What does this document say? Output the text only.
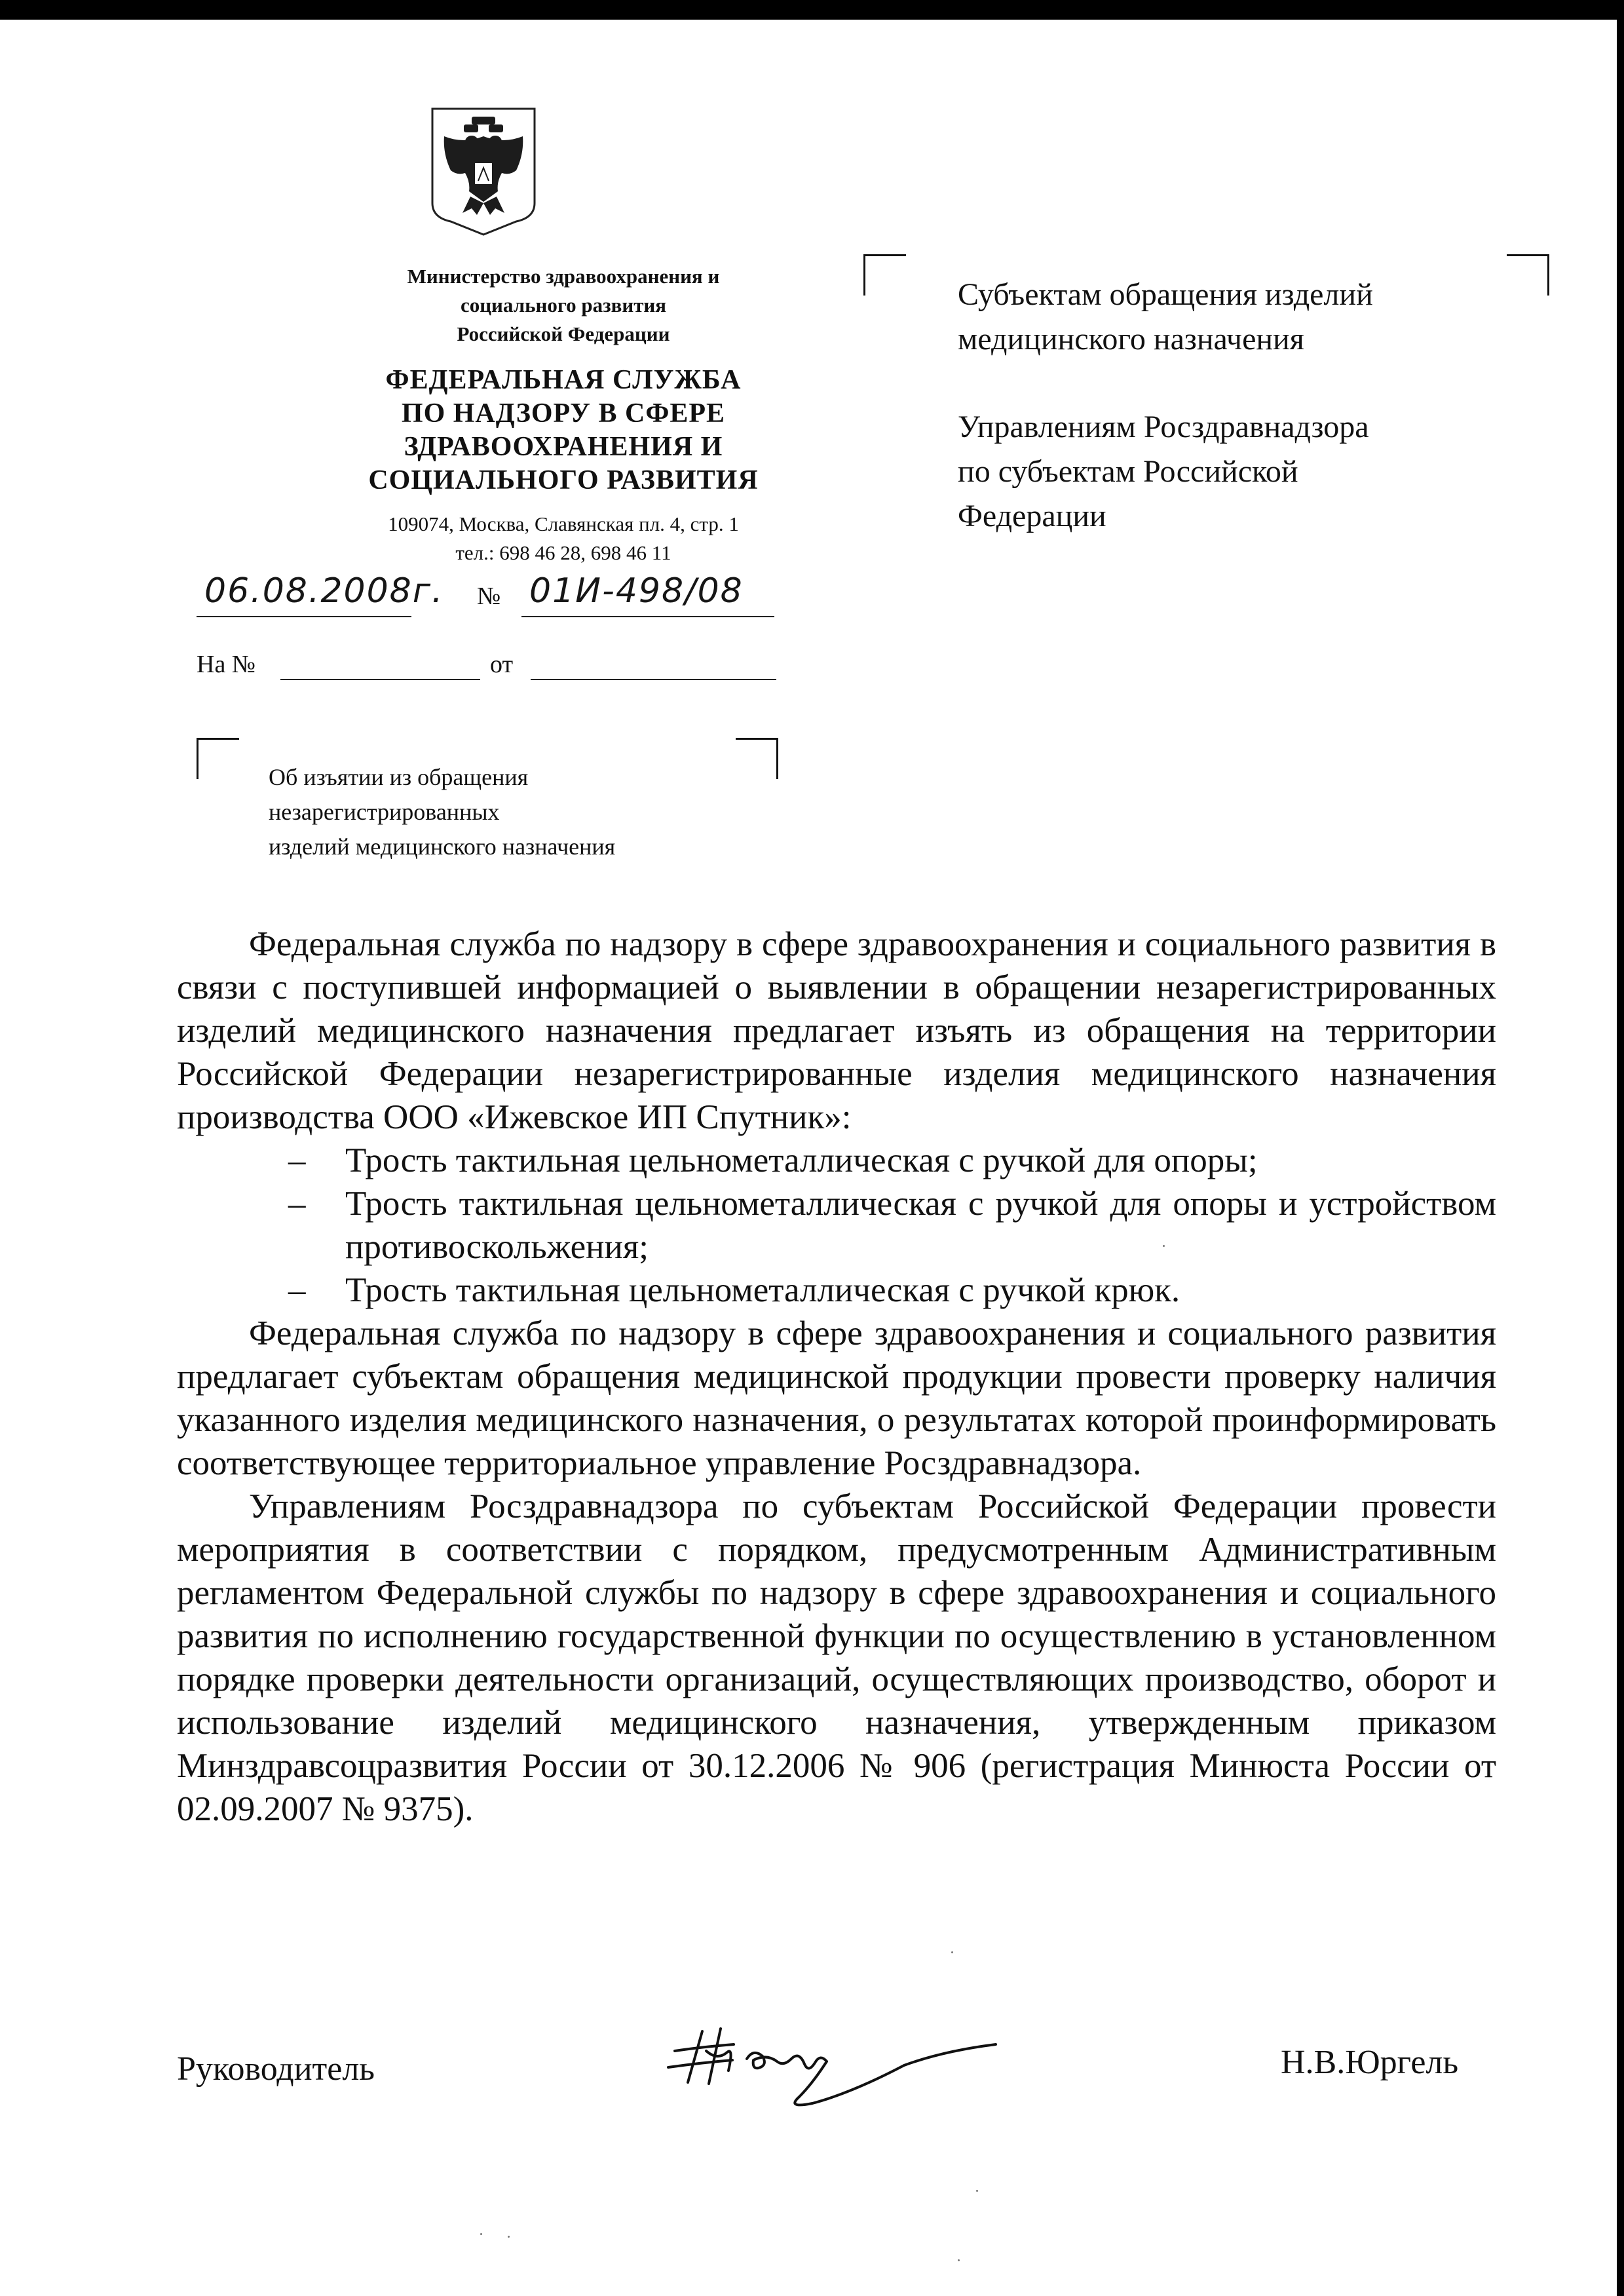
Министерство здравоохранения и
социального развития
Российской Федерации
ФЕДЕРАЛЬНАЯ СЛУЖБА
ПО НАДЗОРУ В СФЕРЕ
ЗДРАВООХРАНЕНИЯ И
СОЦИАЛЬНОГО РАЗВИТИЯ
109074, Москва, Славянская пл. 4, стр. 1
тел.: 698 46 28, 698 46 11
06.08.2008г. № 01И-498/08
На №	от
Об изъятии из обращения
незарегистрированных
изделий медицинского назначения
Субъектам обращения изделий
медицинского назначения
Управлениям Росздравнадзора
по субъектам Российской
Федерации

Федеральная служба по надзору в сфере здравоохранения и социального развития в связи с поступившей информацией о выявлении в обращении незарегистрированных изделий медицинского назначения предлагает изъять из обращения на территории Российской Федерации незарегистрированные изделия медицинского назначения производства ООО «Ижевское ИП Спутник»:

– Трость тактильная цельнометаллическая с ручкой для опоры;
– Трость тактильная цельнометаллическая с ручкой для опоры и устройством противоскольжения;
– Трость тактильная цельнометаллическая с ручкой крюк.

Федеральная служба по надзору в сфере здравоохранения и социального развития предлагает субъектам обращения медицинской продукции провести проверку наличия указанного изделия медицинского назначения, о результатах которой проинформировать соответствующее территориальное управление Росздравнадзора.

Управлениям Росздравнадзора по субъектам Российской Федерации провести мероприятия в соответствии с порядком, предусмотренным Административным регламентом Федеральной службы по надзору в сфере здравоохранения и социального развития по исполнению государственной функции по осуществлению в установленном порядке проверки деятельности организаций, осуществляющих производство, оборот и использование изделий медицинского назначения, утвержденным приказом Минздравсоцразвития России от 30.12.2006 № 906 (регистрация Минюста России от 02.09.2007 № 9375).

Руководитель	Н.В.Юргель
